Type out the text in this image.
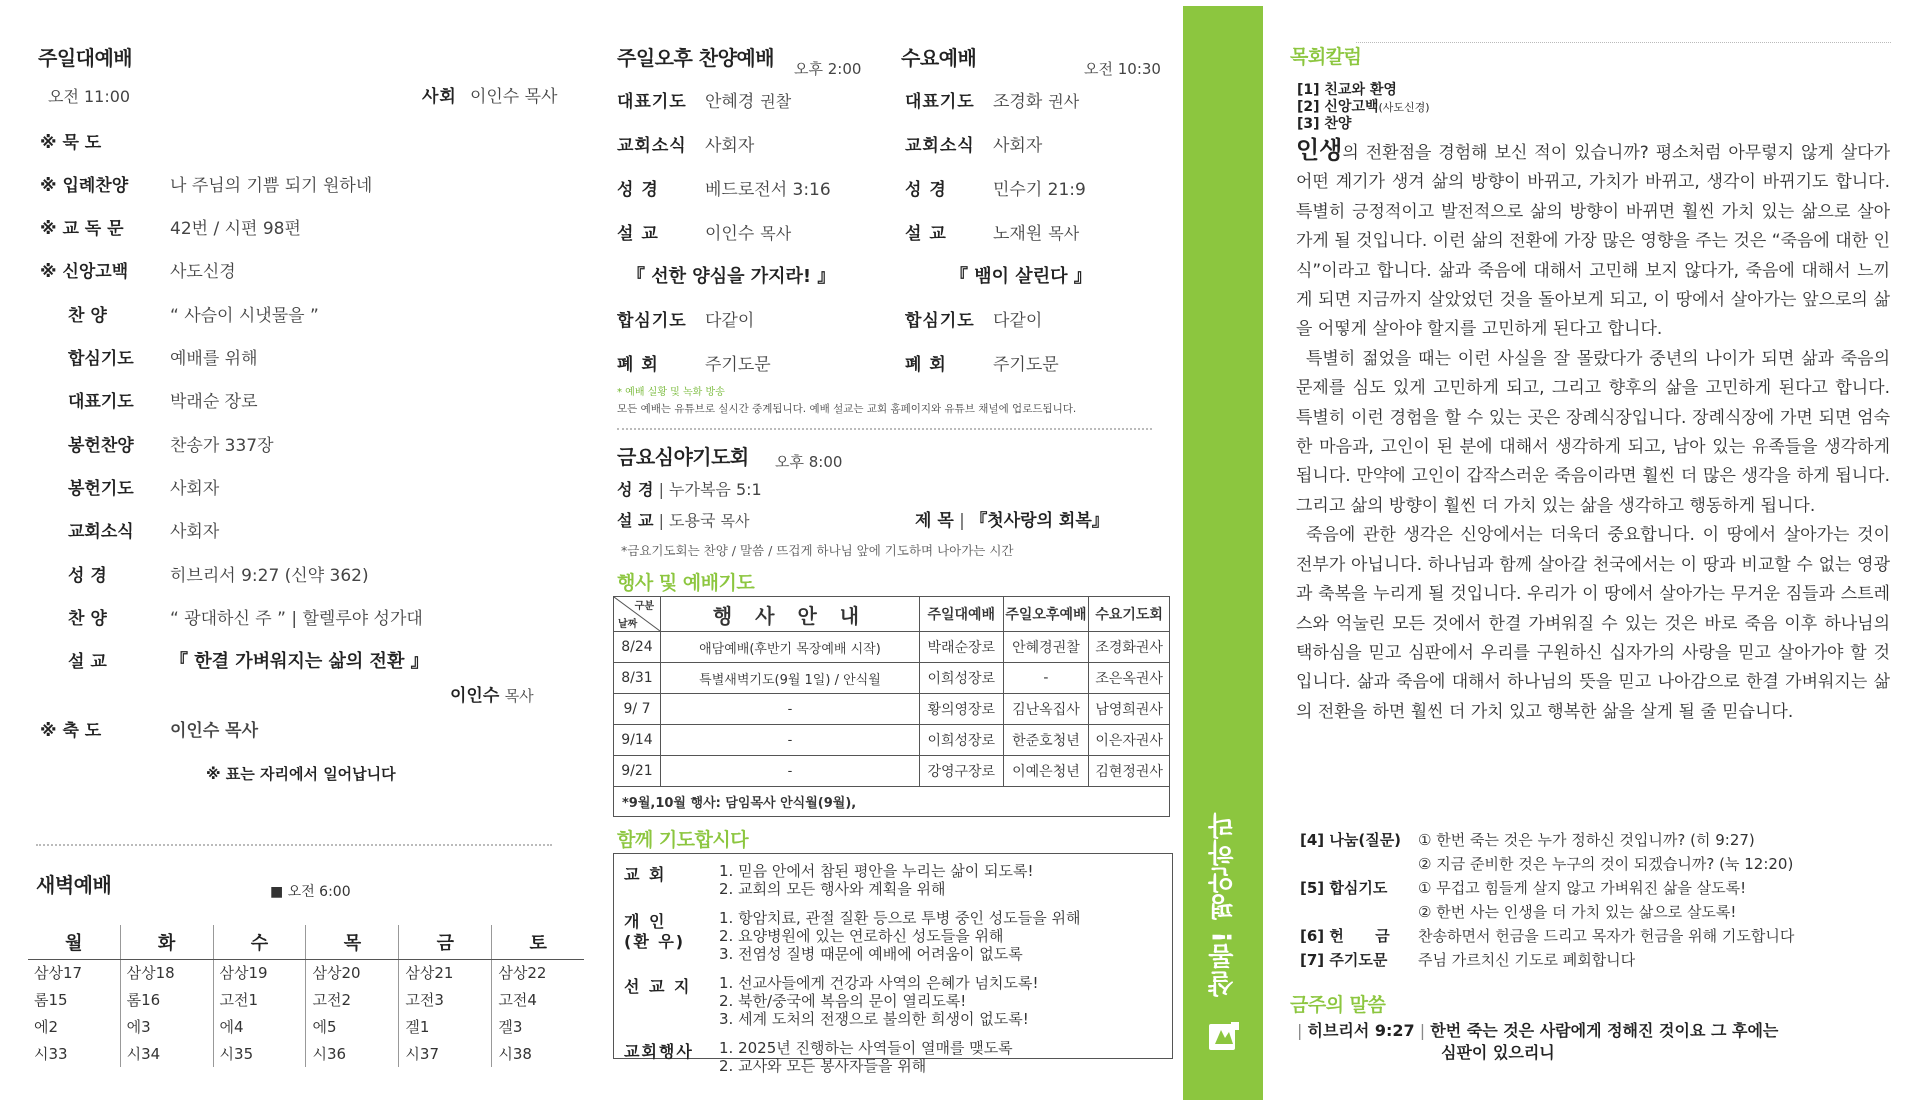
주일대예배
오전 11:00	사회 이인수 목사
※ 묵 도
※ 입례찬양	나 주님의 기쁨 되기 원하네
※ 교 독 문	42번 / 시편 98편
※ 신앙고백	사도신경
찬 양	“ 사슴이 시냇물을 ”
합심기도	예배를 위해
대표기도	박래순 장로
봉헌찬양	찬송가 337장
봉헌기도	사회자
교회소식	사회자
성 경	히브리서 9:27 (신약 362)
찬 양	“ 광대하신 주 ” | 할렐루야 성가대
설 교	『 한결 가벼워지는 삶의 전환 』
이인수 목사
※ 축 도	이인수 목사
※ 표는 자리에서 일어납니다
새벽예배	■ 오전 6:00
월	화	수	목	금	토
삼상17	삼상18	삼상19	삼상20	삼상21	삼상22
롬15	롬16	고전1	고전2	고전3	고전4
에2	에3	에4	에5	겔1	겔3
시33	시34	시35	시36	시37	시38
주일오후 찬양예배 오후 2:00 수요예배	오전 10:30
대표기도	안혜경 권찰
교회소식	사회자
성 경	베드로전서 3:16
설 교	이인수 목사
대표기도	조경화 권사
교회소식	사회자
성 경	민수기 21:9
설 교	노재원 목사
『 선한 양심을 가지라! 』	『 뱀이 살린다 』
합심기도	다같이
폐 회	주기도문
합심기도	다같이
폐 회	주기도문
* 예배 실황 및 녹화 방송
모든 예배는 유튜브로 실시간 중계됩니다. 예배 설교는 교회 홈페이지와 유튜브 채널에 업로드됩니다.
금요심야기도회 오후 8:00
성 경 | 누가복음 5:1
설 교 | 도용국 목사	제 목 | 『첫사랑의 회복』
*금요기도회는 찬양 / 말씀 / 뜨겁게 하나님 앞에 기도하며 나아가는 시간
행사 및 예배기도
구분
날짜	행 사 안 내	주일대예배	주일오후예배	수요기도회
8/24	애담예배(후반기 목장예배 시작)	박래순장로	안혜경권찰	조경화권사
8/31	특별새벽기도(9월 1일) / 안식월	이희성장로	-	조은옥권사
9/ 7	-	황의영장로	김난옥집사	남영희권사
9/14	-	이희성장로	한준호청년	이은자권사
9/21	-	강영구장로	이예은청년	김현정권사
*9월,10월 행사: 담임목사 안식월(9월),				
함께 기도합시다
교 회	1. 믿음 안에서 참된 평안을 누리는 삶이 되도록!
2. 교회의 모든 행사와 계획을 위해
개 인
(환 우)
1. 항암치료, 관절 질환 등으로 투병 중인 성도들을 위해
2. 요양병원에 있는 연로하신 성도들을 위해
3. 전염성 질병 때문에 예배에 어려움이 없도록
선 교 지 1. 선교사들에게 건강과 사역의 은혜가 넘치도록!
2. 북한/중국에 복음의 문이 열리도록!
3. 세계 도처의 전쟁으로 불의한 희생이 없도록!
교회행사 1. 2025년 진행하는 사역들이 열매를 맺도록
2. 교사와 모든 봉사자들을 위해
샬롬! 평안하라
목회칼럼
[1] 친교와 환영
[2] 신앙고백(사도신경)
[3] 찬양

인생의 전환점을 경험해 보신 적이 있습니까? 평소처럼 아무렇지 않게 살다가 어떤 계기가 생겨 삶의 방향이 바뀌고, 가치가 바뀌고, 생각이 바뀌기도 합니다. 특별히 긍정적이고 발전적으로 삶의 방향이 바뀌면 훨씬 가치 있는 삶으로 살아가게 될 것입니다. 이런 삶의 전환에 가장 많은 영향을 주는 것은 “죽음에 대한 인식”이라고 합니다. 삶과 죽음에 대해서 고민해 보지 않다가, 죽음에 대해서 느끼게 되면 지금까지 살았었던 것을 돌아보게 되고, 이 땅에서 살아가는 앞으로의 삶을 어떻게 살아야 할지를 고민하게 된다고 합니다.

특별히 젊었을 때는 이런 사실을 잘 몰랐다가 중년의 나이가 되면 삶과 죽음의 문제를 심도 있게 고민하게 되고, 그리고 향후의 삶을 고민하게 된다고 합니다. 특별히 이런 경험을 할 수 있는 곳은 장례식장입니다. 장례식장에 가면 되면 엄숙한 마음과, 고인이 된 분에 대해서 생각하게 되고, 남아 있는 유족들을 생각하게 됩니다. 만약에 고인이 갑작스러운 죽음이라면 훨씬 더 많은 생각을 하게 됩니다. 그리고 삶의 방향이 훨씬 더 가치 있는 삶을 생각하고 행동하게 됩니다.

죽음에 관한 생각은 신앙에서는 더욱더 중요합니다. 이 땅에서 살아가는 것이 전부가 아닙니다. 하나님과 함께 살아갈 천국에서는 이 땅과 비교할 수 없는 영광과 축복을 누리게 될 것입니다. 우리가 이 땅에서 살아가는 무거운 짐들과 스트레스와 억눌린 모든 것에서 한결 가벼워질 수 있는 것은 바로 죽음 이후 하나님의 택하심을 믿고 심판에서 우리를 구원하신 십자가의 사랑을 믿고 살아가야 할 것입니다. 삶과 죽음에 대해서 하나님의 뜻을 믿고 나아감으로 한결 가벼워지는 삶의 전환을 하면 훨씬 더 가치 있고 행복한 삶을 살게 될 줄 믿습니다.

[4] 나눔(질문) ① 한번 죽는 것은 누가 정하신 것입니까? (히 9:27)
② 지금 준비한 것은 누구의 것이 되겠습니까? (눅 12:20)
[5] 합심기도 ① 무겁고 힘들게 살지 않고 가벼워진 삶을 살도록!
② 한번 사는 인생을 더 가치 있는 삶으로 살도록!
[6] 헌      금 찬송하면서 헌금을 드리고 목자가 헌금을 위해 기도합니다
[7] 주기도문 주님 가르치신 기도로 폐회합니다
금주의 말씀
| 히브리서 9:27 | 한번 죽는 것은 사람에게 정해진 것이요 그 후에는
심판이 있으리니
